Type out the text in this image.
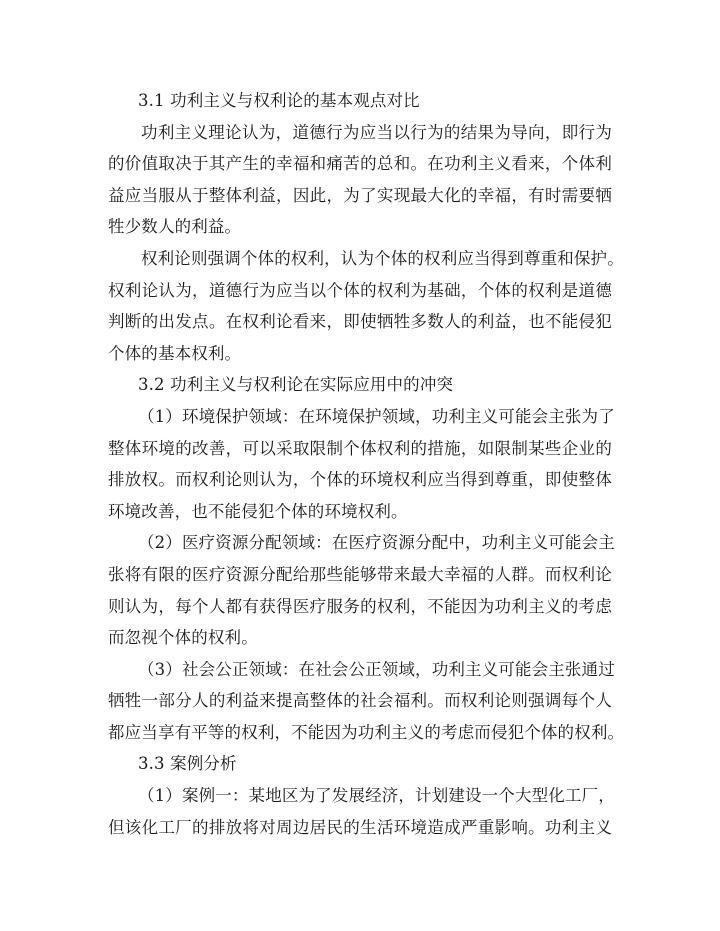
3.1 功利主义与权利论的基本观点对比
功利主义理论认为，道德行为应当以行为的结果为导向，即行为
的价值取决于其产生的幸福和痛苦的总和。在功利主义看来，个体利
益应当服从于整体利益，因此，为了实现最大化的幸福，有时需要牺
牲少数人的利益。
权利论则强调个体的权利，认为个体的权利应当得到尊重和保护。
权利论认为，道德行为应当以个体的权利为基础，个体的权利是道德
判断的出发点。在权利论看来，即使牺牲多数人的利益，也不能侵犯
个体的基本权利。
3.2 功利主义与权利论在实际应用中的冲突
（1）环境保护领域：在环境保护领域，功利主义可能会主张为了
整体环境的改善，可以采取限制个体权利的措施，如限制某些企业的
排放权。而权利论则认为，个体的环境权利应当得到尊重，即使整体
环境改善，也不能侵犯个体的环境权利。
（2）医疗资源分配领域：在医疗资源分配中，功利主义可能会主
张将有限的医疗资源分配给那些能够带来最大幸福的人群。而权利论
则认为，每个人都有获得医疗服务的权利，不能因为功利主义的考虑
而忽视个体的权利。
（3）社会公正领域：在社会公正领域，功利主义可能会主张通过
牺牲一部分人的利益来提高整体的社会福利。而权利论则强调每个人
都应当享有平等的权利，不能因为功利主义的考虑而侵犯个体的权利。
3.3 案例分析
（1）案例一：某地区为了发展经济，计划建设一个大型化工厂，
但该化工厂的排放将对周边居民的生活环境造成严重影响。功利主义
